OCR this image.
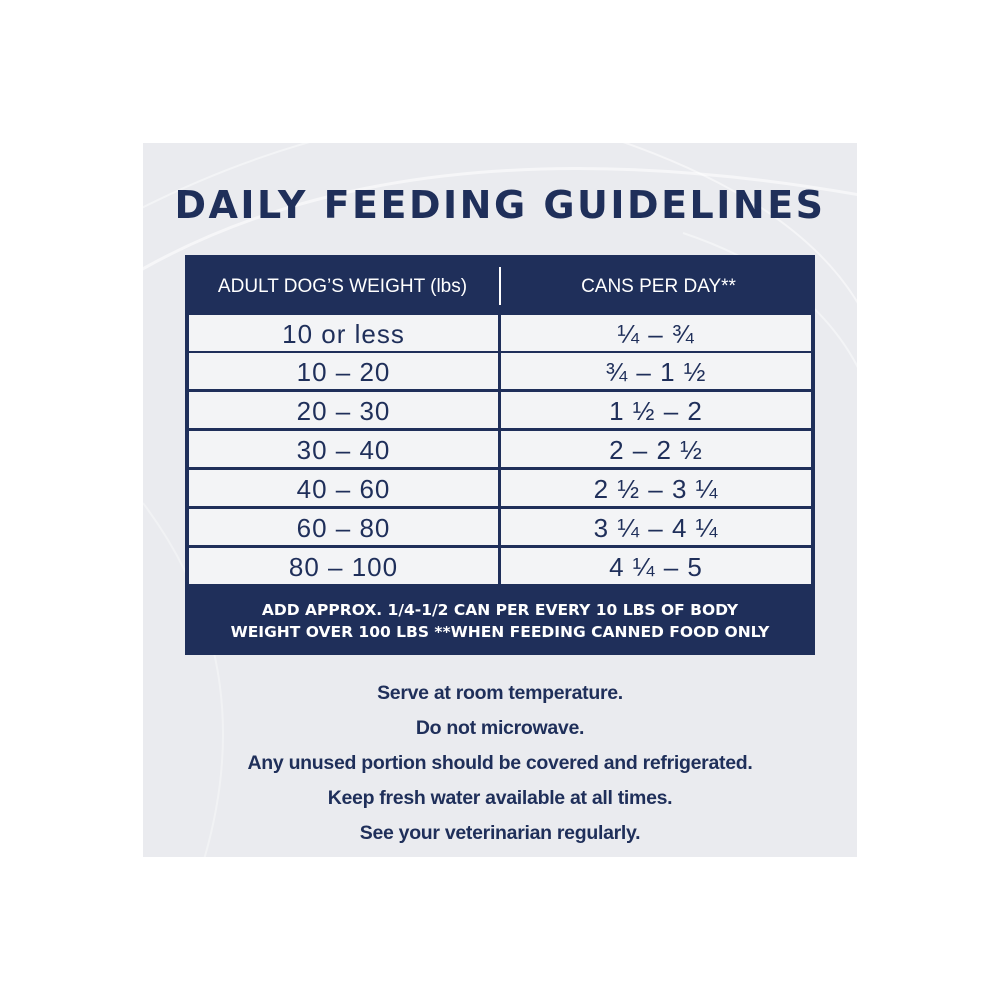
DAILY FEEDING GUIDELINES
ADULT DOG’S WEIGHT (lbs)	CANS PER DAY**
10 or less	¼ – ¾
10 – 20	¾ – 1 ½
20 – 30	1 ½ – 2
30 – 40	2 – 2 ½
40 – 60	2 ½ – 3 ¼
60 – 80	3 ¼ – 4 ¼
80 – 100	4 ¼ – 5
ADD APPROX. 1/4-1/2 CAN PER EVERY 10 LBS OF BODY
WEIGHT OVER 100 LBS **WHEN FEEDING CANNED FOOD ONLY
Serve at room temperature.
Do not microwave.
Any unused portion should be covered and refrigerated.
Keep fresh water available at all times.
See your veterinarian regularly.
